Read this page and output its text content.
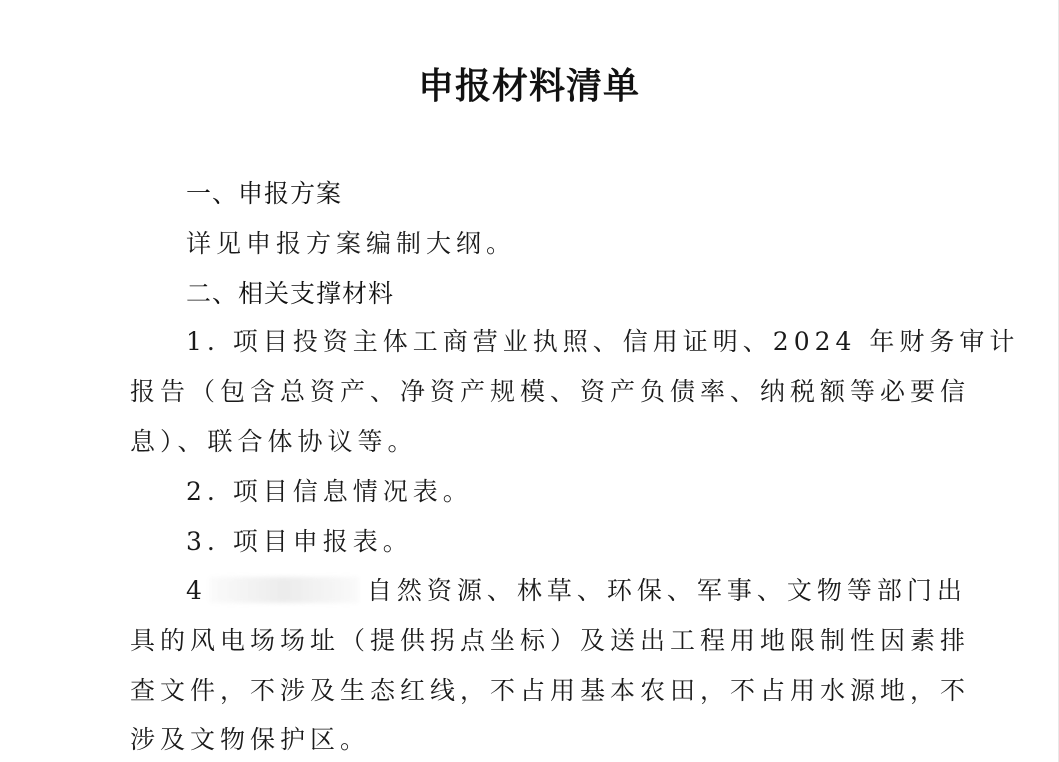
申报材料清单
一、申报方案
详见申报方案编制大纲。
二、相关支撑材料
1. 项目投资主体工商营业执照、信用证明、2024 年财务审计
报告（包含总资产、净资产规模、资产负债率、纳税额等必要信
息）、联合体协议等。
2. 项目信息情况表。
3. 项目申报表。
4	自然资源、林草、环保、军事、文物等部门出
具的风电场场址（提供拐点坐标）及送出工程用地限制性因素排
查文件，不涉及生态红线，不占用基本农田，不占用水源地，不
涉及文物保护区。
